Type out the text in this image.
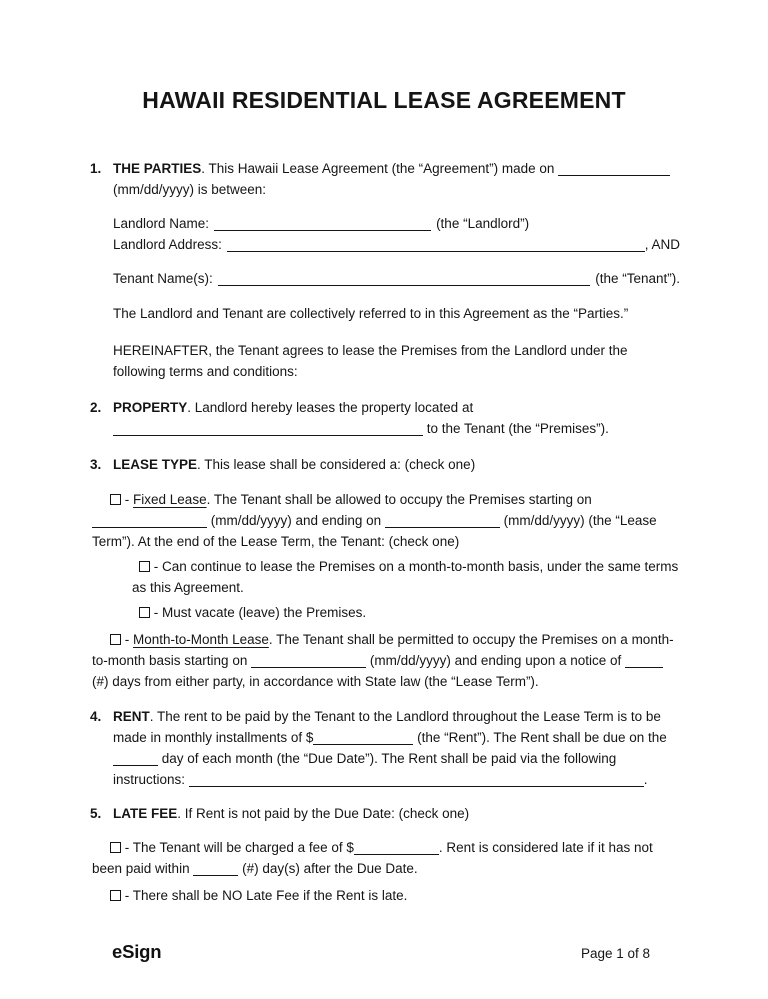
HAWAII RESIDENTIAL LEASE AGREEMENT
1. THE PARTIES. This Hawaii Lease Agreement (the “Agreement”) made on  (mm/dd/yyyy) is between:

Landlord Name:	(the “Landlord”)
Landlord Address:	, AND
Tenant Name(s):	(the “Tenant”).

The Landlord and Tenant are collectively referred to in this Agreement as the “Parties.”

HEREINAFTER, the Tenant agrees to lease the Premises from the Landlord under the following terms and conditions:

2. PROPERTY. Landlord hereby leases the property located at  to the Tenant (the “Premises”).

3. LEASE TYPE. This lease shall be considered a: (check one)

- Fixed Lease. The Tenant shall be allowed to occupy the Premises starting on  (mm/dd/yyyy) and ending on	(mm/dd/yyyy) (the “Lease Term”). At the end of the Lease Term, the Tenant: (check one)

- Can continue to lease the Premises on a month-to-month basis, under the same terms as this Agreement.

- Must vacate (leave) the Premises.

- Month-to-Month Lease. The Tenant shall be permitted to occupy the Premises on a month-to-month basis starting on	(mm/dd/yyyy) and ending upon a notice of  (#) days from either party, in accordance with State law (the “Lease Term”).

4. RENT. The rent to be paid by the Tenant to the Landlord throughout the Lease Term is to be made in monthly installments of $	(the “Rent”). The Rent shall be due on the  day of each month (the “Due Date”). The Rent shall be paid via the following instructions:	.

5. LATE FEE. If Rent is not paid by the Due Date: (check one)

- The Tenant will be charged a fee of $	. Rent is considered late if it has not been paid within	(#) day(s) after the Due Date.

- There shall be NO Late Fee if the Rent is late.

eSign	Page 1 of 8
